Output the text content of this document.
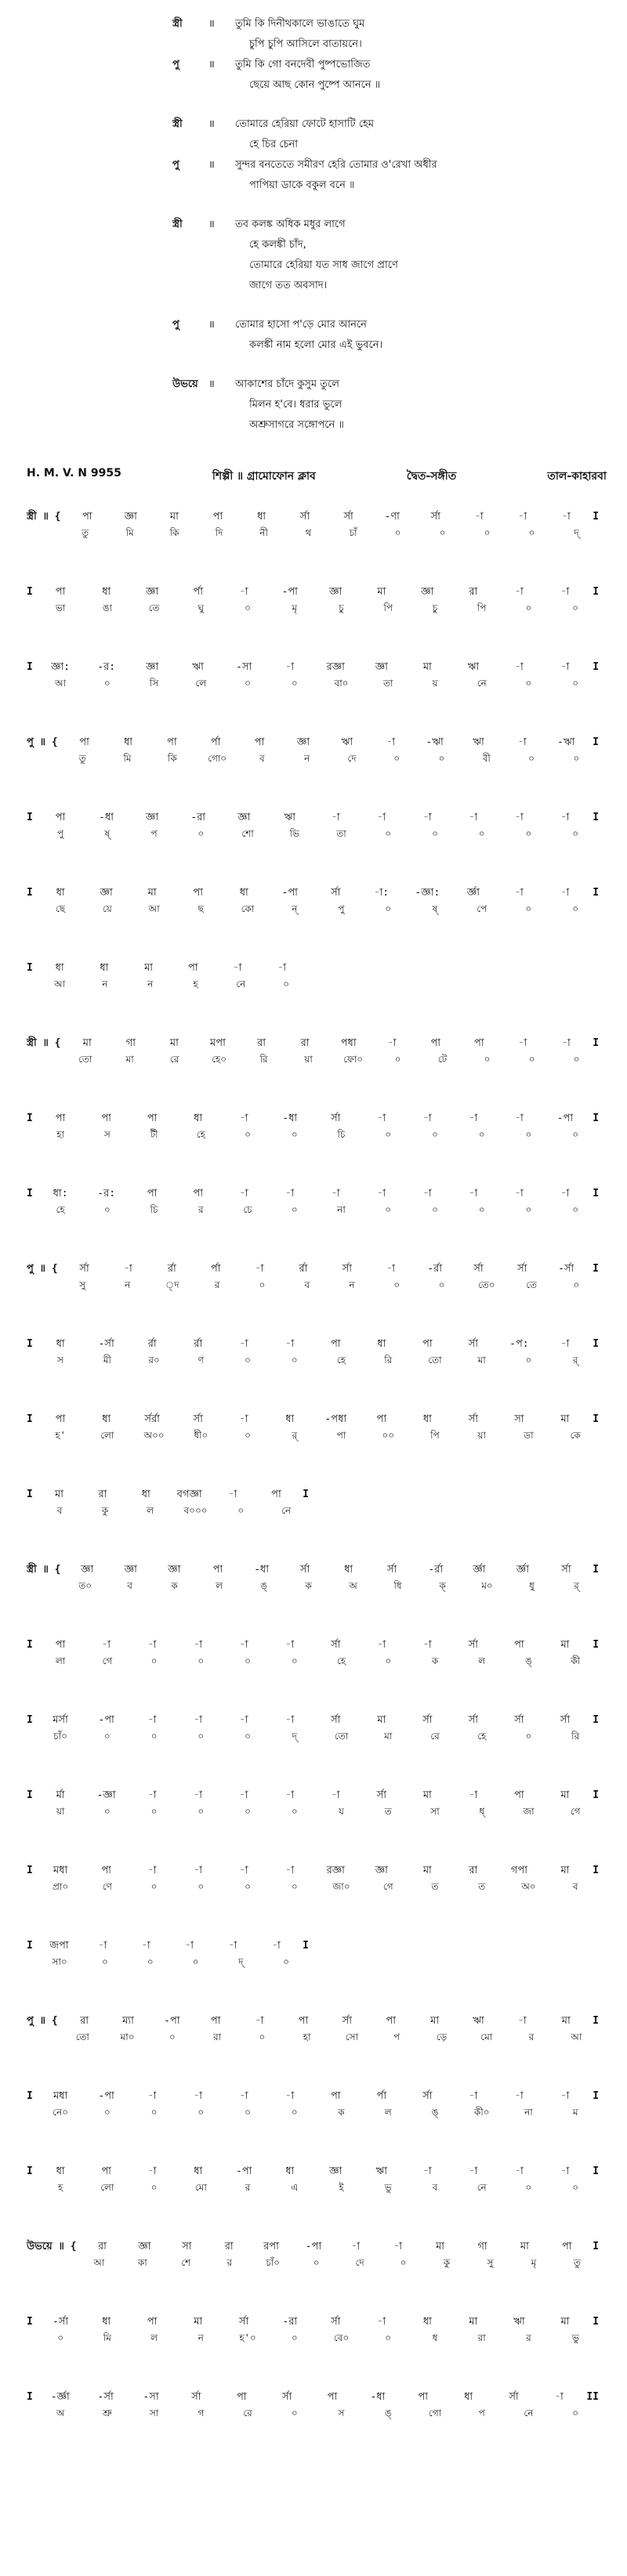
স্ত্রী	॥	তুমি কি দিনীথকালে ভাঙাতে ঘুম
চুপি চুপি আসিলে বাতায়নে।
পু	॥	তুমি কি গো বনদেবী পুষ্পভোজিত
ছেয়ে আছ কোন পুষ্পে আননে ॥
স্ত্রী	॥	তোমারে হেরিয়া ফোটে হাসাটি হেম
হে চির চেনা
পু	॥	সুন্দর বনতেতে সমীরণ হেরি তোমার ও'রেখা অধীর
পাপিয়া ডাকে বকুল বনে ॥
স্ত্রী	॥	তব কলঙ্ক অধিক মধুর লাগে
হে কলঙ্কী চাঁদ,
তোমারে হেরিয়া যত সাধ জাগে প্রাণে
জাগে তত অবসাদ।
পু	॥	তোমার হাসো প'ড়ে মোর আননে
কলঙ্কী নাম হলো মোর এই ভুবনে।
উভয়ে	॥	আকাশের চাঁদে কুসুম তুলে
মিলন হ'বে। ধরার ভুলে
অশ্রুসাগরে সঙ্গোপনে ॥
H. M. V. N 9955	শিল্পী ॥ গ্রামোফোন ক্লাব	দ্বৈত-সঙ্গীত	তাল-কাহারবা
স্ত্রী ॥ {	পা	জ্ঞা	মা	পা	ধা	র্সা	র্সা	-ণা	র্সা	-া	-া	-া	I
তু	মি	কি	দি	নী	থ	চাঁ	০	০	০	০	দ্
I	পা	ধা	জ্ঞা	র্পা	-া	-পা	জ্ঞা	মা	জ্ঞা	রা	-া	-া	I
ভা	ঙা	তে	ঘু	০	মৃ	চু	পি	চু	পি	০	০
I	জ্ঞা:	-র:	জ্ঞা	ঋা	-সা	-া	রজ্ঞা	জ্ঞা	মা	ঋা	-া	-া	I
আ	০	সি	লে	০	০	বা০	তা	য়	নে	০	০
পু ॥ {	পা	ধা	পা	র্পা	পা	জ্ঞা	ঋা	-া	-ঋা	ঋা	-া	-ঋা	I
তু	মি	কি	গো০	ব	ন	দে	০	০	বী	০	০
I	পা	-ধা	জ্ঞা	-রা	জ্ঞা	ঋা	-া	-া	-া	-া	-া	-া	I
পু	ষ্	প	০	শো	ভি	তা	০	০	০	০	০
I	ধা	জ্ঞা	মা	পা	ধা	-পা	র্সা	-া:	-জ্ঞা:	র্জ্ঞা	-া	-া	I
ছে	য়ে	আ	ছ	কো	ন্	পু	০	ষ্	পে	০	০
I	ধা	ধা	মা	পা	-া	-া
আ	ন	ন	হ	নে	০
স্ত্রী ॥ {	মা	গা	মা	মপা	রা	রা	পধা	-া	পা	পা	-া	-া	I
তো	মা	রে	হে০	রি	য়া	ফো০	০	টে	০	০	০
I	পা	পা	পা	ধা	-া	-ধা	র্সা	-া	-া	-া	-া	-পা	I
হা	স	টী	হে	০	০	চি	০	০	০	০	০
I	ধা:	-র:	পা	পা	-া	-া	-া	-া	-া	-া	-া	-া	I
হে	০	চি	র	চে	০	না	০	০	০	০	০
পু ॥ {	র্সা	-া	র্রা	র্পা	-া	র্রা	র্সা	-া	-র্রা	র্সা	র্সা	-র্সা	I
সু	ন	্দ	র	০	ব	ন	০	০	তে০	তে	০
I	ধা	-র্সা	র্রা	র্রা	-া	-া	পা	ধা	পা	র্সা	-প:	-া	I
স	মী	র০	ণ	০	০	হে	রি	তো	মা	০	র্
I	পা	ধা	র্সর্রা	র্সা	-া	ধা	-পধা	পা	ধা	র্সা	সা	মা	I
হ'	লো	অ০০	ধী০	০	র্	পা	০০	পি	য়া	ডা	কে
I	মা	রা	ধা	বগজ্ঞা	-া	পা	I
ব	কু	ল	ব০০০	০	নে
স্ত্রী ॥ {	জ্ঞা	জ্ঞা	জ্ঞা	পা	-ধা	র্সা	ধা	র্সা	-র্রা	র্জ্ঞা	র্জ্ঞা	র্সা	I
ত০	ব	ক	ল	ঙ্	ক	অ	ধি	ক্	ম০	ধু	র্
I	পা	-া	-া	-া	-া	-া	র্সা	-া	-া	র্সা	পা	মা	I
লা	গে	০	০	০	০	হে	০	ক	ল	ঙ্	কী
I	মর্সা	-পা	-া	-া	-া	-া	র্সা	মা	র্সা	র্সা	র্সা	র্সা	I
চাঁ০	০	০	০	০	দ্	তো	মা	রে	হে	০	রি
I	র্মা	-জ্ঞা	-া	-া	-া	-া	-া	র্সা	মা	-া	পা	মা	I
য়া	০	০	০	০	০	য	ত	সা	ধ্	জা	গে
I	মধা	পা	-া	-া	-া	-া	রজ্ঞা	জ্ঞা	মা	রা	গপা	মা	I
প্রা০	ণে	০	০	০	০	জা০	গে	ত	ত	অ০	ব
I	জপা	-া	-া	-া	-া	-া	I
সা০	০	০	০	দ্	০
পু ॥ {	রা	ম্যা	-পা	পা	-া	পা	র্সা	পা	মা	ঋা	-া	মা	I
তো	মা০	০	রা	০	হা	সো	প	ড়ে	মো	র	আ
I	মধা	-পা	-া	-া	-া	-া	পা	র্পা	র্সা	-া	-া	-া	I
নে০	০	০	০	০	০	ক	ল	ঙ্	কী০	না	ম
I	ধা	পা	-া	ধা	-পা	ধা	জ্ঞা	ঋা	-া	-া	-া	-া	I
হ	লো	০	মো	র	এ	ই	ভু	ব	নে	০	০
উভয়ে ॥ {	রা	জ্ঞা	সা	রা	রপা	-পা	-া	-া	মা	গা	মা	পা	I
আ	কা	শে	র	চাঁ০	০	দে	০	কু	সু	মৃ	তু
I	-র্সা	ধা	পা	মা	র্সা	-রা	র্সা	-া	ধা	মা	ঋা	মা	I
০	মি	ল	ন	হ'০	০	বে০	০	ধ	রা	র	ভু
I	-র্জ্ঞা	-র্সা	-সা	র্সা	পা	র্সা	পা	-ধা	পা	ধা	র্সা	-া	II
অ	শ্রু	সা	গ	রে	০	স	ঙ্	গো	প	নে	০
